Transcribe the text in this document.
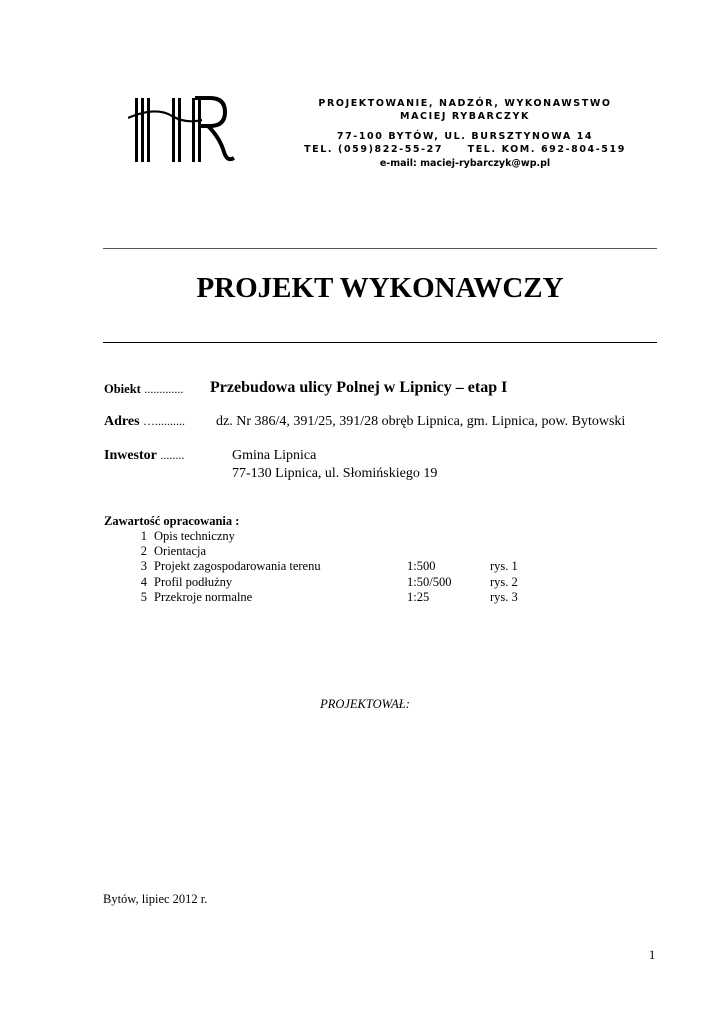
HR
PROJEKTOWANIE, NADZÓR, WYKONAWSTWO
MACIEJ RYBARCZYK
77-100 BYTÓW, UL. BURSZTYNOWA 14
TEL. (059)822-55-27     TEL. KOM. 692-804-519
e-mail: maciej-rybarczyk@wp.pl
PROJEKT WYKONAWCZY
Obiekt ............. Przebudowa ulicy Polnej w Lipnicy – etap I
Adres ….......... dz. Nr 386/4, 391/25, 391/28 obręb Lipnica, gm. Lipnica, pow. Bytowski
Inwestor ........	Gmina Lipnica
77-130 Lipnica, ul. Słomińskiego 19
Zawartość opracowania :
1 Opis techniczny
2 Orientacja
3 Projekt zagospodarowania terenu	1:500	rys. 1
4 Profil podłużny	1:50/500	rys. 2
5 Przekroje normalne	1:25	rys. 3
PROJEKTOWAŁ:
Bytów, lipiec 2012 r.
1
